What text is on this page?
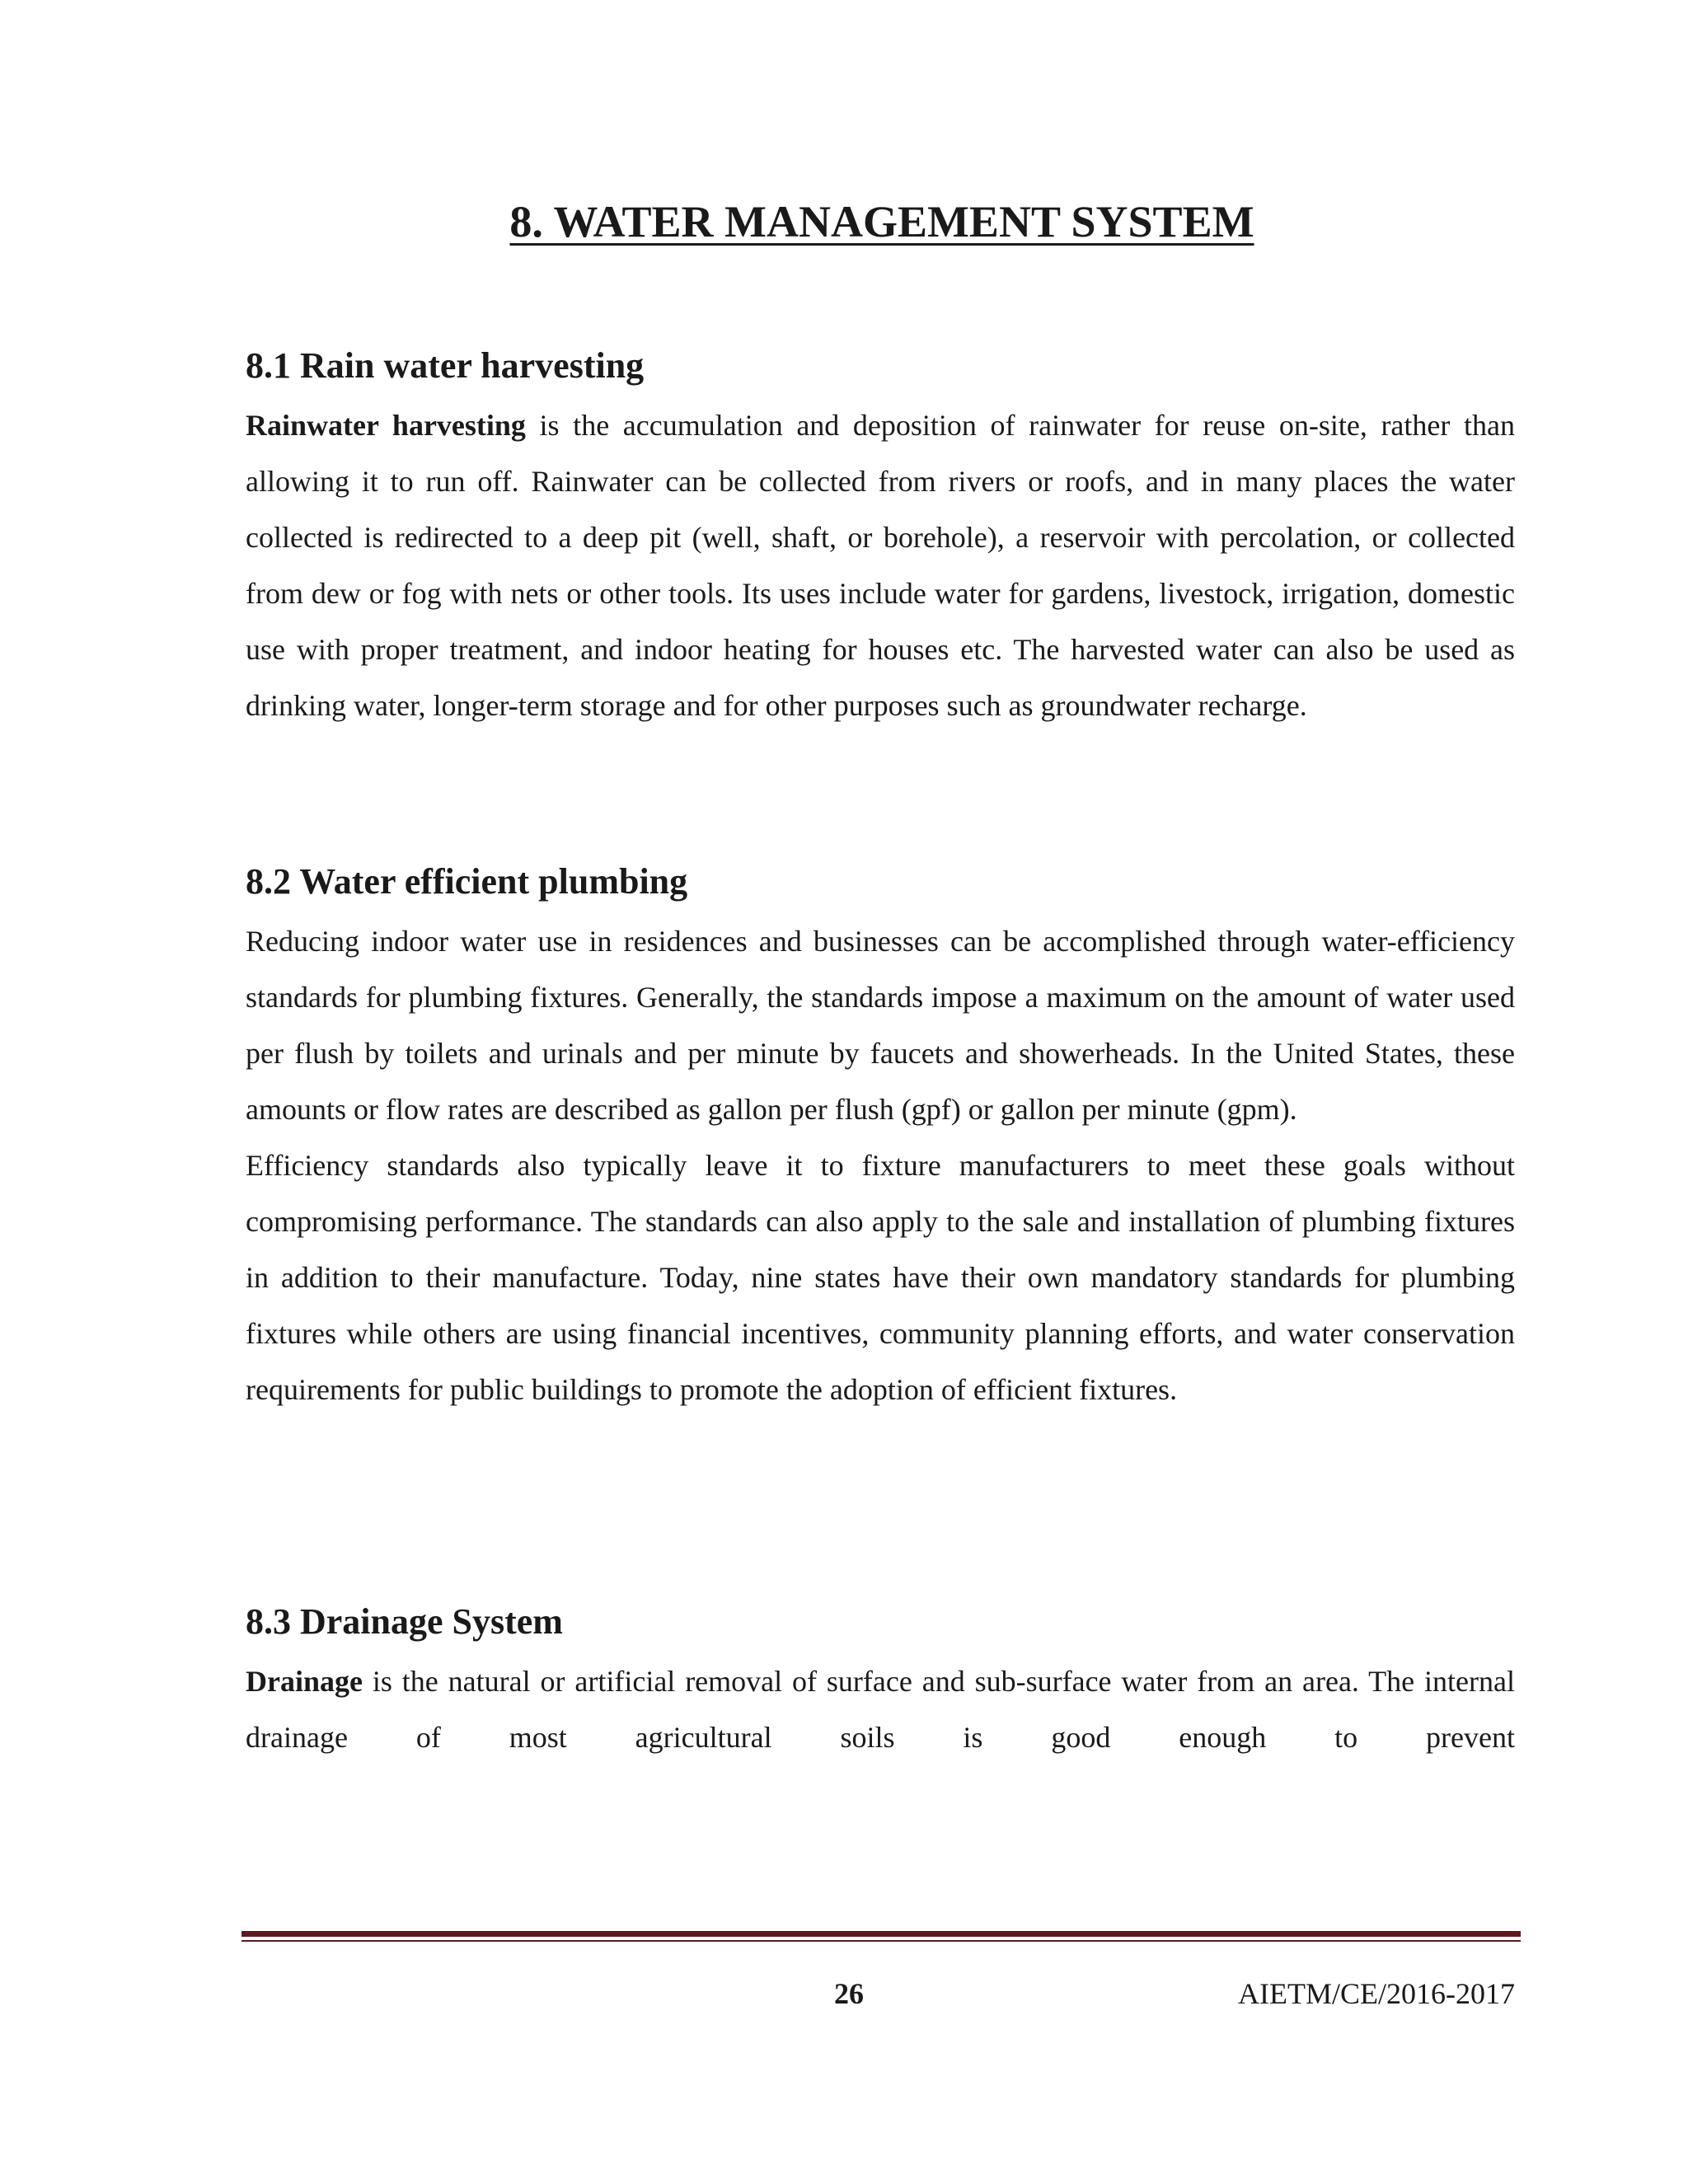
8. WATER MANAGEMENT SYSTEM
8.1 Rain water harvesting

Rainwater harvesting is the accumulation and deposition of rainwater for reuse on-site, rather than allowing it to run off. Rainwater can be collected from rivers or roofs, and in many places the water collected is redirected to a deep pit (well, shaft, or borehole), a reservoir with percolation, or collected from dew or fog with nets or other tools. Its uses include water for gardens, livestock, irrigation, domestic use with proper treatment, and indoor heating for houses etc. The harvested water can also be used as drinking water, longer-term storage and for other purposes such as groundwater recharge.

8.2 Water efficient plumbing

Reducing indoor water use in residences and businesses can be accomplished through water-efficiency standards for plumbing fixtures. Generally, the standards impose a maximum on the amount of water used per flush by toilets and urinals and per minute by faucets and showerheads. In the United States, these amounts or flow rates are described as gallon per flush (gpf) or gallon per minute (gpm).

Efficiency standards also typically leave it to fixture manufacturers to meet these goals without compromising performance. The standards can also apply to the sale and installation of plumbing fixtures in addition to their manufacture. Today, nine states have their own mandatory standards for plumbing fixtures while others are using financial incentives, community planning efforts, and water conservation requirements for public buildings to promote the adoption of efficient fixtures.

8.3 Drainage System

Drainage is the natural or artificial removal of surface and sub-surface water from an area. The internal drainage of most agricultural soils is good enough to prevent

26	AIETM/CE/2016-2017
